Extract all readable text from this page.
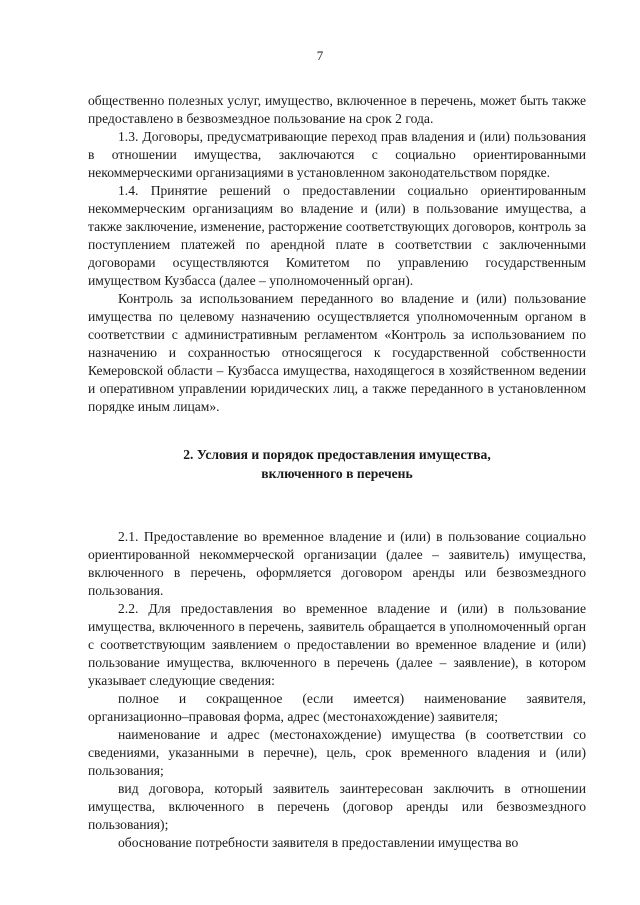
7

общественно полезных услуг, имущество, включенное в перечень, может быть также предоставлено в безвозмездное пользование на срок 2 года.

1.3. Договоры, предусматривающие переход прав владения и (или) пользования в отношении имущества, заключаются с социально ориентированными некоммерческими организациями в установленном законодательством порядке.

1.4. Принятие решений о предоставлении социально ориентированным некоммерческим организациям во владение и (или) в пользование имущества, а также заключение, изменение, расторжение соответствующих договоров, контроль за поступлением платежей по арендной плате в соответствии с заключенными договорами осуществляются Комитетом по управлению государственным имуществом Кузбасса (далее – уполномоченный орган).

Контроль за использованием переданного во владение и (или) пользование имущества по целевому назначению осуществляется уполномоченным органом в соответствии с административным регламентом «Контроль за использованием по назначению и сохранностью относящегося к государственной собственности Кемеровской области – Кузбасса имущества, находящегося в хозяйственном ведении и оперативном управлении юридических лиц, а также переданного в установленном порядке иным лицам».

2. Условия и порядок предоставления имущества,
включенного в перечень

2.1. Предоставление во временное владение и (или) в пользование социально ориентированной некоммерческой организации (далее – заявитель) имущества, включенного в перечень, оформляется договором аренды или безвозмездного пользования.

2.2. Для предоставления во временное владение и (или) в пользование имущества, включенного в перечень, заявитель обращается в уполномоченный орган с соответствующим заявлением о предоставлении во временное владение и (или) пользование имущества, включенного в перечень (далее – заявление), в котором указывает следующие сведения:

полное и сокращенное (если имеется) наименование заявителя, организационно–правовая форма, адрес (местонахождение) заявителя;

наименование и адрес (местонахождение) имущества (в соответствии со сведениями, указанными в перечне), цель, срок временного владения и (или) пользования;

вид договора, который заявитель заинтересован заключить в отношении имущества, включенного в перечень (договор аренды или безвозмездного пользования);

обоснование потребности заявителя в предоставлении имущества во
